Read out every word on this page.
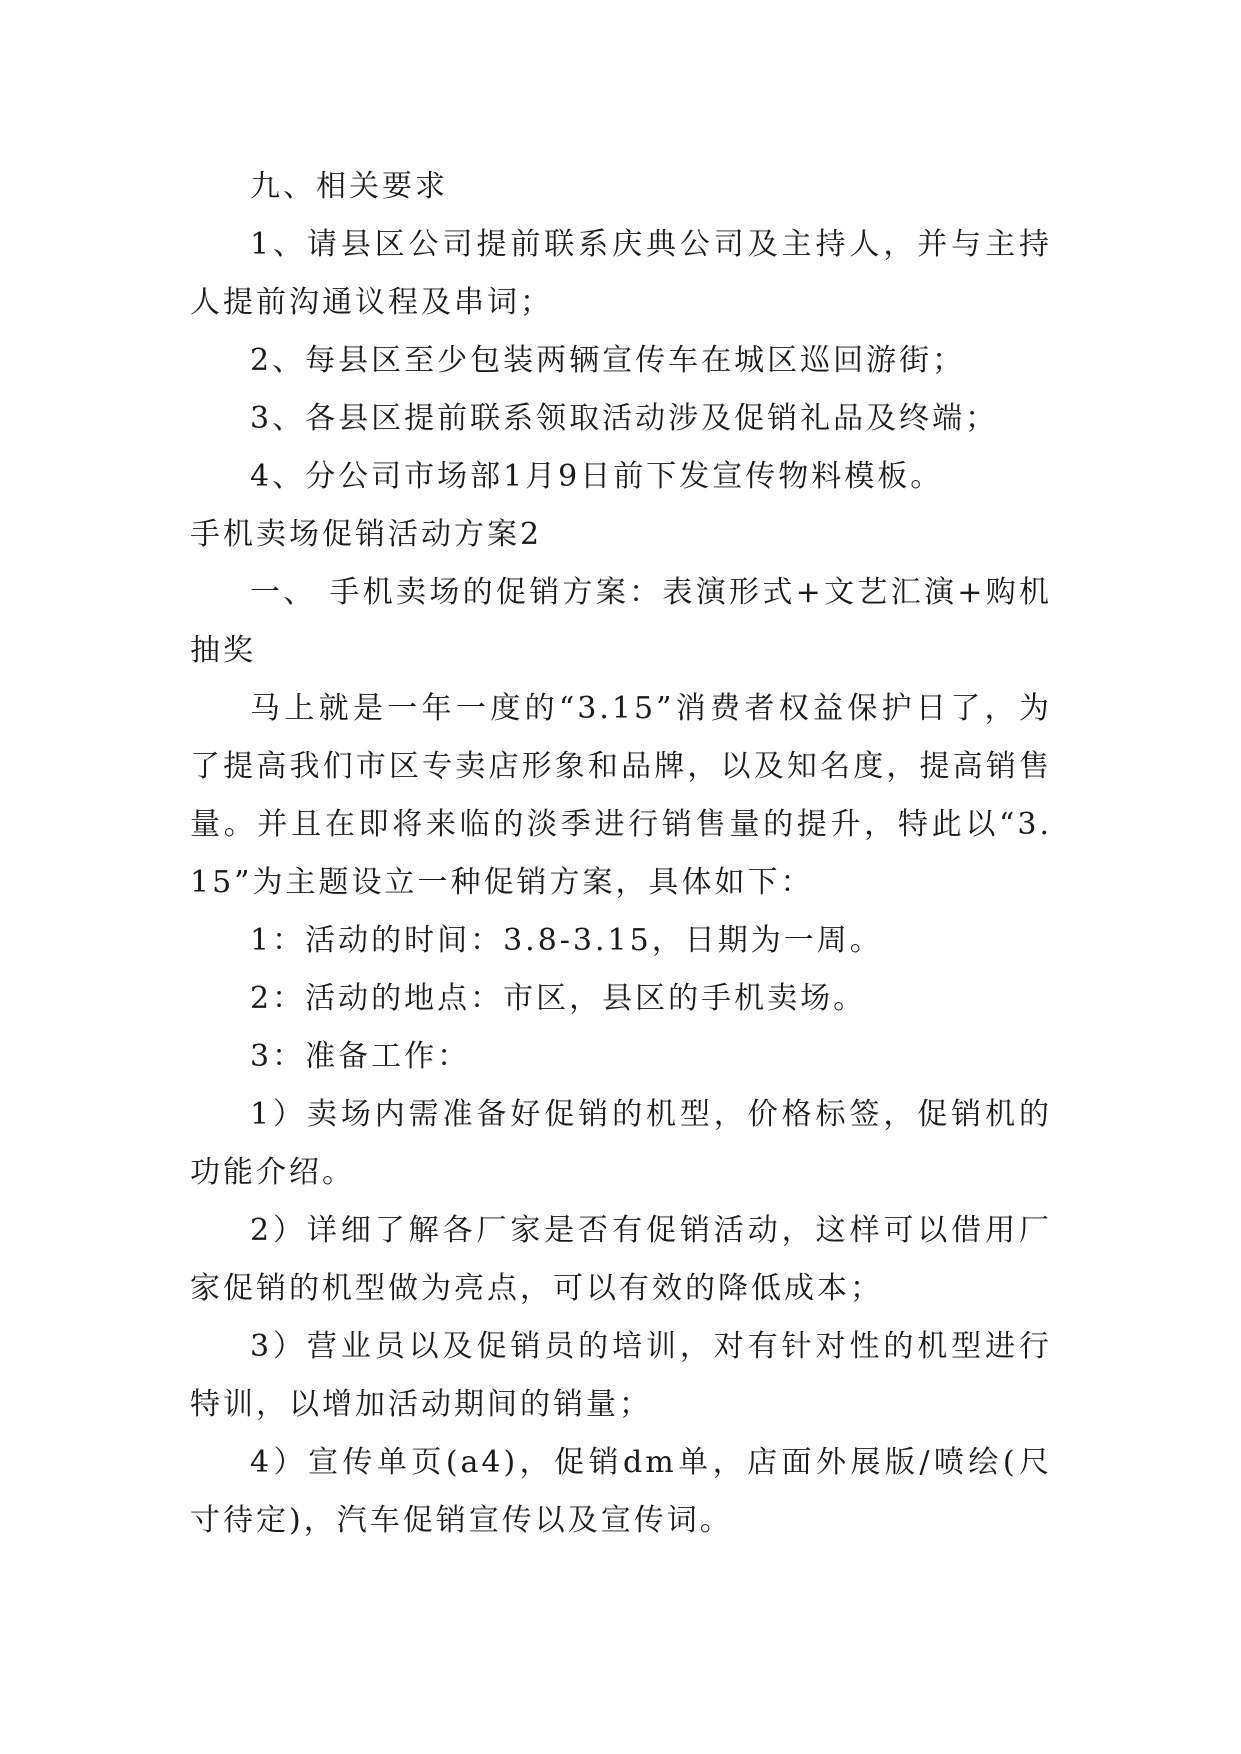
九、相关要求

1、请县区公司提前联系庆典公司及主持人，并与主持人提前沟通议程及串词；

2、每县区至少包装两辆宣传车在城区巡回游街；

3、各县区提前联系领取活动涉及促销礼品及终端；

4、分公司市场部1月9日前下发宣传物料模板。

手机卖场促销活动方案2

一、 手机卖场的促销方案：表演形式+文艺汇演+购机抽奖

马上就是一年一度的“3.15”消费者权益保护日了，为了提高我们市区专卖店形象和品牌，以及知名度，提高销售量。并且在即将来临的淡季进行销售量的提升，特此以“3.15”为主题设立一种促销方案，具体如下：

1：活动的时间：3.8-3.15，日期为一周。

2：活动的地点：市区，县区的手机卖场。

3：准备工作：

1）卖场内需准备好促销的机型，价格标签，促销机的功能介绍。

2）详细了解各厂家是否有促销活动，这样可以借用厂家促销的机型做为亮点，可以有效的降低成本；

3）营业员以及促销员的培训，对有针对性的机型进行特训，以增加活动期间的销量；

4）宣传单页(a4)，促销dm单，店面外展版/喷绘(尺寸待定)，汽车促销宣传以及宣传词。
